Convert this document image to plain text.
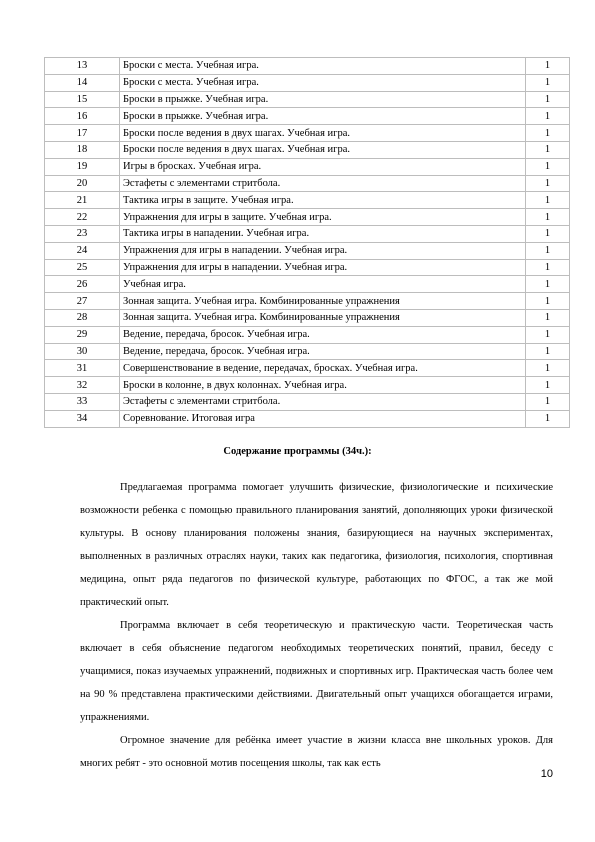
13	Броски с места. Учебная игра.	1
14	Броски с места. Учебная игра.	1
15	Броски в прыжке. Учебная игра.	1
16	Броски в прыжке. Учебная игра.	1
17	Броски после ведения в двух шагах. Учебная игра.	1
18	Броски после ведения в двух шагах. Учебная игра.	1
19	Игры в бросках. Учебная игра.	1
20	Эстафеты с элементами стритбола.	1
21	Тактика игры в защите. Учебная игра.	1
22	Упражнения для игры в защите. Учебная игра.	1
23	Тактика игры в нападении. Учебная игра.	1
24	Упражнения для игры в нападении. Учебная игра.	1
25	Упражнения для игры в нападении. Учебная игра.	1
26	Учебная игра.	1
27	Зонная защита. Учебная игра. Комбинированные упражнения	1
28	Зонная защита. Учебная игра. Комбинированные упражнения	1
29	Ведение, передача, бросок. Учебная игра.	1
30	Ведение, передача, бросок. Учебная игра.	1
31	Совершенствование в ведение, передачах, бросках. Учебная игра.	1
32	Броски в колонне, в двух колоннах. Учебная игра.	1
33	Эстафеты с элементами стритбола.	1
34	Соревнование. Итоговая игра	1
Содержание программы (34ч.):

Предлагаемая программа помогает улучшить физические, физиологические и психические возможности ребенка с помощью правильного планирования занятий, дополняющих уроки физической культуры. В основу планирования положены знания, базирующиеся на научных экспериментах, выполненных в различных отраслях науки, таких как педагогика, физиология, психология, спортивная медицина, опыт ряда педагогов по физической культуре, работающих по ФГОС, а так же мой практический опыт.

Программа включает в себя теоретическую и практическую части. Теоретическая часть включает в себя объяснение педагогом необходимых теоретических понятий, правил, беседу с учащимися, показ изучаемых упражнений, подвижных и спортивных игр. Практическая часть более чем на 90 % представлена практическими действиями. Двигательный опыт учащихся обогащается играми, упражнениями.

Огромное значение для ребёнка имеет участие в жизни класса вне школьных уроков. Для многих ребят - это основной мотив посещения школы, так как есть

10
